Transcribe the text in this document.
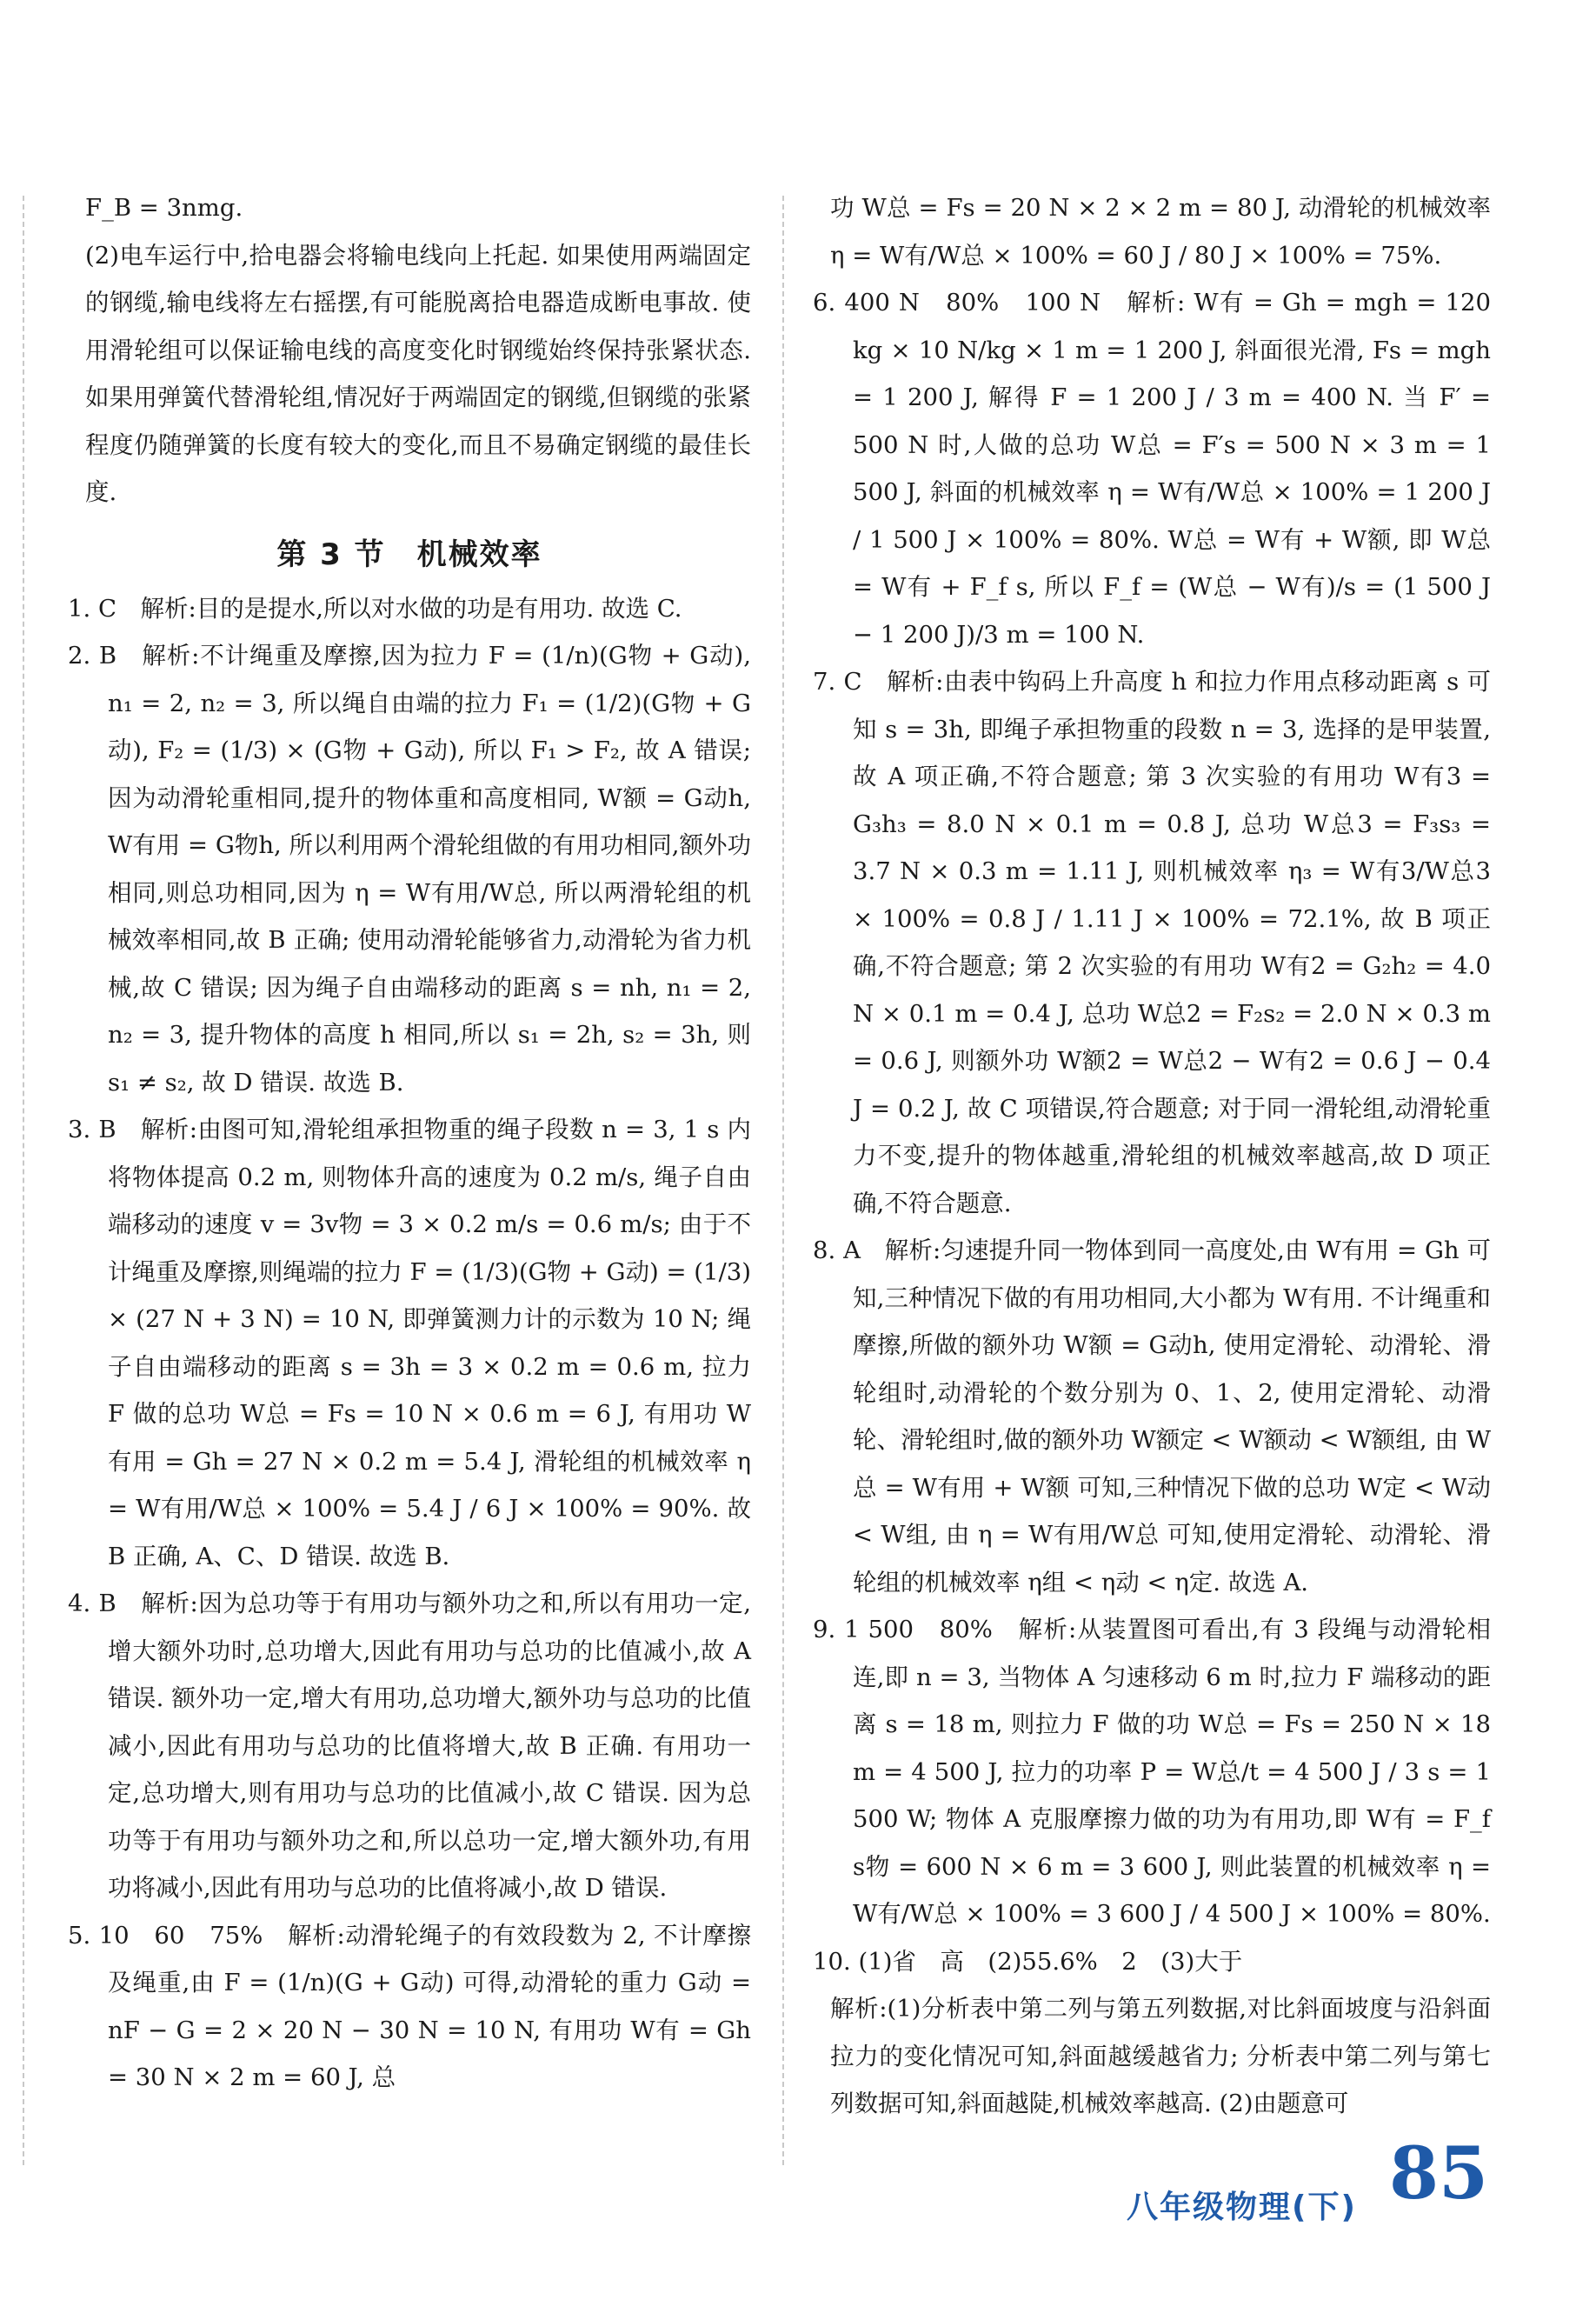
F_B = 3nmg.

(2)电车运行中,拾电器会将输电线向上托起. 如果使用两端固定的钢缆,输电线将左右摇摆,有可能脱离拾电器造成断电事故. 使用滑轮组可以保证输电线的高度变化时钢缆始终保持张紧状态. 如果用弹簧代替滑轮组,情况好于两端固定的钢缆,但钢缆的张紧程度仍随弹簧的长度有较大的变化,而且不易确定钢缆的最佳长度.

第 3 节　机械效率

1. C　解析:目的是提水,所以对水做的功是有用功. 故选 C.

2. B　解析:不计绳重及摩擦,因为拉力 F = (1/n)(G物 + G动), n₁ = 2, n₂ = 3, 所以绳自由端的拉力 F₁ = (1/2)(G物 + G动), F₂ = (1/3) × (G物 + G动), 所以 F₁ > F₂, 故 A 错误; 因为动滑轮重相同,提升的物体重和高度相同, W额 = G动h, W有用 = G物h, 所以利用两个滑轮组做的有用功相同,额外功相同,则总功相同,因为 η = W有用/W总, 所以两滑轮组的机械效率相同,故 B 正确; 使用动滑轮能够省力,动滑轮为省力机械,故 C 错误; 因为绳子自由端移动的距离 s = nh, n₁ = 2, n₂ = 3, 提升物体的高度 h 相同,所以 s₁ = 2h, s₂ = 3h, 则 s₁ ≠ s₂, 故 D 错误. 故选 B.

3. B　解析:由图可知,滑轮组承担物重的绳子段数 n = 3, 1 s 内将物体提高 0.2 m, 则物体升高的速度为 0.2 m/s, 绳子自由端移动的速度 v = 3v物 = 3 × 0.2 m/s = 0.6 m/s; 由于不计绳重及摩擦,则绳端的拉力 F = (1/3)(G物 + G动) = (1/3) × (27 N + 3 N) = 10 N, 即弹簧测力计的示数为 10 N; 绳子自由端移动的距离 s = 3h = 3 × 0.2 m = 0.6 m, 拉力 F 做的总功 W总 = Fs = 10 N × 0.6 m = 6 J, 有用功 W有用 = Gh = 27 N × 0.2 m = 5.4 J, 滑轮组的机械效率 η = W有用/W总 × 100% = 5.4 J / 6 J × 100% = 90%. 故 B 正确, A、C、D 错误. 故选 B.

4. B　解析:因为总功等于有用功与额外功之和,所以有用功一定,增大额外功时,总功增大,因此有用功与总功的比值减小,故 A 错误. 额外功一定,增大有用功,总功增大,额外功与总功的比值减小,因此有用功与总功的比值将增大,故 B 正确. 有用功一定,总功增大,则有用功与总功的比值减小,故 C 错误. 因为总功等于有用功与额外功之和,所以总功一定,增大额外功,有用功将减小,因此有用功与总功的比值将减小,故 D 错误.

5. 10　60　75%　解析:动滑轮绳子的有效段数为 2, 不计摩擦及绳重,由 F = (1/n)(G + G动) 可得,动滑轮的重力 G动 = nF − G = 2 × 20 N − 30 N = 10 N, 有用功 W有 = Gh = 30 N × 2 m = 60 J, 总

功 W总 = Fs = 20 N × 2 × 2 m = 80 J, 动滑轮的机械效率 η = W有/W总 × 100% = 60 J / 80 J × 100% = 75%.

6. 400 N　80%　100 N　解析: W有 = Gh = mgh = 120 kg × 10 N/kg × 1 m = 1 200 J, 斜面很光滑, Fs = mgh = 1 200 J, 解得 F = 1 200 J / 3 m = 400 N. 当 F′ = 500 N 时,人做的总功 W总 = F′s = 500 N × 3 m = 1 500 J, 斜面的机械效率 η = W有/W总 × 100% = 1 200 J / 1 500 J × 100% = 80%. W总 = W有 + W额, 即 W总 = W有 + F_f s, 所以 F_f = (W总 − W有)/s = (1 500 J − 1 200 J)/3 m = 100 N.

7. C　解析:由表中钩码上升高度 h 和拉力作用点移动距离 s 可知 s = 3h, 即绳子承担物重的段数 n = 3, 选择的是甲装置,故 A 项正确,不符合题意; 第 3 次实验的有用功 W有3 = G₃h₃ = 8.0 N × 0.1 m = 0.8 J, 总功 W总3 = F₃s₃ = 3.7 N × 0.3 m = 1.11 J, 则机械效率 η₃ = W有3/W总3 × 100% = 0.8 J / 1.11 J × 100% = 72.1%, 故 B 项正确,不符合题意; 第 2 次实验的有用功 W有2 = G₂h₂ = 4.0 N × 0.1 m = 0.4 J, 总功 W总2 = F₂s₂ = 2.0 N × 0.3 m = 0.6 J, 则额外功 W额2 = W总2 − W有2 = 0.6 J − 0.4 J = 0.2 J, 故 C 项错误,符合题意; 对于同一滑轮组,动滑轮重力不变,提升的物体越重,滑轮组的机械效率越高,故 D 项正确,不符合题意.

8. A　解析:匀速提升同一物体到同一高度处,由 W有用 = Gh 可知,三种情况下做的有用功相同,大小都为 W有用. 不计绳重和摩擦,所做的额外功 W额 = G动h, 使用定滑轮、动滑轮、滑轮组时,动滑轮的个数分别为 0、1、2, 使用定滑轮、动滑轮、滑轮组时,做的额外功 W额定 < W额动 < W额组, 由 W总 = W有用 + W额 可知,三种情况下做的总功 W定 < W动 < W组, 由 η = W有用/W总 可知,使用定滑轮、动滑轮、滑轮组的机械效率 η组 < η动 < η定. 故选 A.

9. 1 500　80%　解析:从装置图可看出,有 3 段绳与动滑轮相连,即 n = 3, 当物体 A 匀速移动 6 m 时,拉力 F 端移动的距离 s = 18 m, 则拉力 F 做的功 W总 = Fs = 250 N × 18 m = 4 500 J, 拉力的功率 P = W总/t = 4 500 J / 3 s = 1 500 W; 物体 A 克服摩擦力做的功为有用功,即 W有 = F_f s物 = 600 N × 6 m = 3 600 J, 则此装置的机械效率 η = W有/W总 × 100% = 3 600 J / 4 500 J × 100% = 80%.

10. (1)省　高　(2)55.6%　2　(3)大于

解析:(1)分析表中第二列与第五列数据,对比斜面坡度与沿斜面拉力的变化情况可知,斜面越缓越省力; 分析表中第二列与第七列数据可知,斜面越陡,机械效率越高. (2)由题意可

八年级物理(下) 85
